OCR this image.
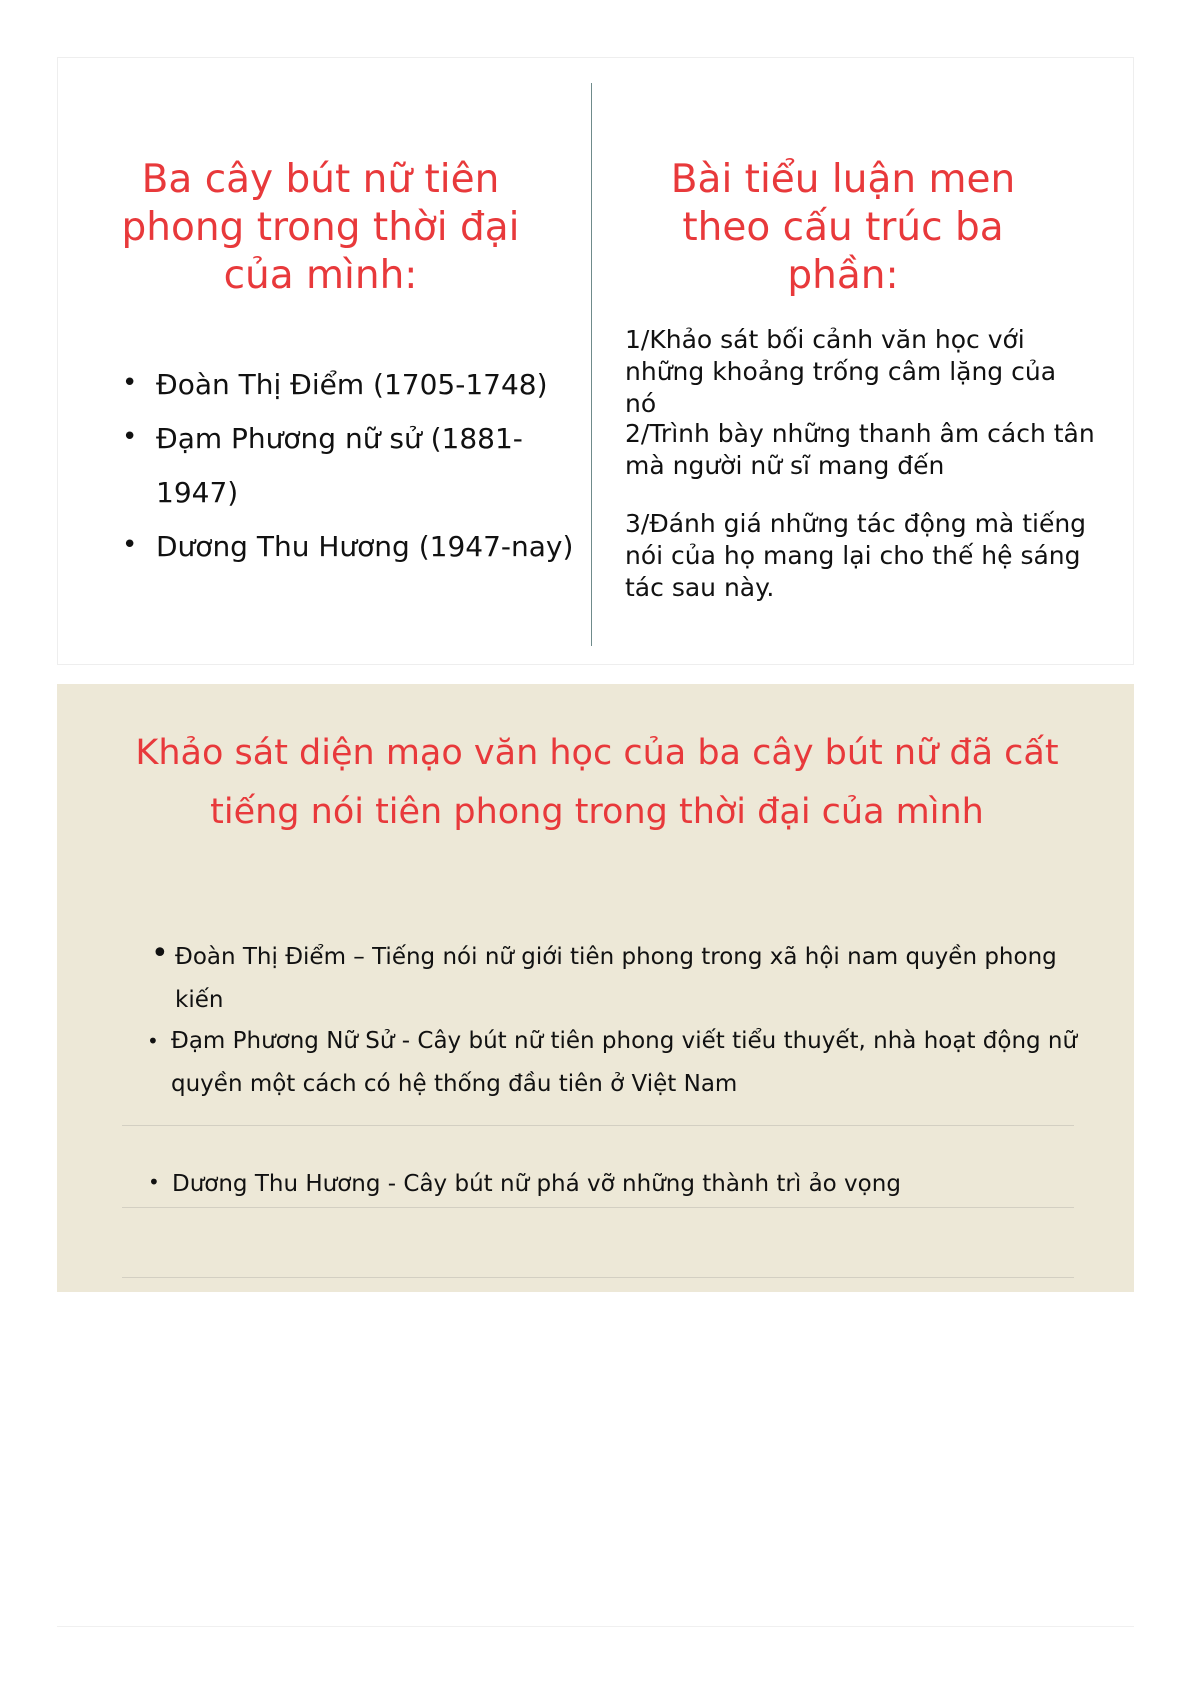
Ba cây bút nữ tiên phong trong thời đại của mình:
• Đoàn Thị Điểm (1705-1748)
• Đạm Phương nữ sử (1881-1947)
• Dương Thu Hương (1947-nay)
Bài tiểu luận men theo cấu trúc ba phần:
1/Khảo sát bối cảnh văn học với những khoảng trống câm lặng của nó
2/Trình bày những thanh âm cách tân mà người nữ sĩ mang đến
3/Đánh giá những tác động mà tiếng nói của họ mang lại cho thế hệ sáng tác sau này.
Khảo sát diện mạo văn học của ba cây bút nữ đã cất tiếng nói tiên phong trong thời đại của mình
• Đoàn Thị Điểm – Tiếng nói nữ giới tiên phong trong xã hội nam quyền phong kiến
• Đạm Phương Nữ Sử - Cây bút nữ tiên phong viết tiểu thuyết, nhà hoạt động nữ quyền một cách có hệ thống đầu tiên ở Việt Nam
• Dương Thu Hương - Cây bút nữ phá vỡ những thành trì ảo vọng
